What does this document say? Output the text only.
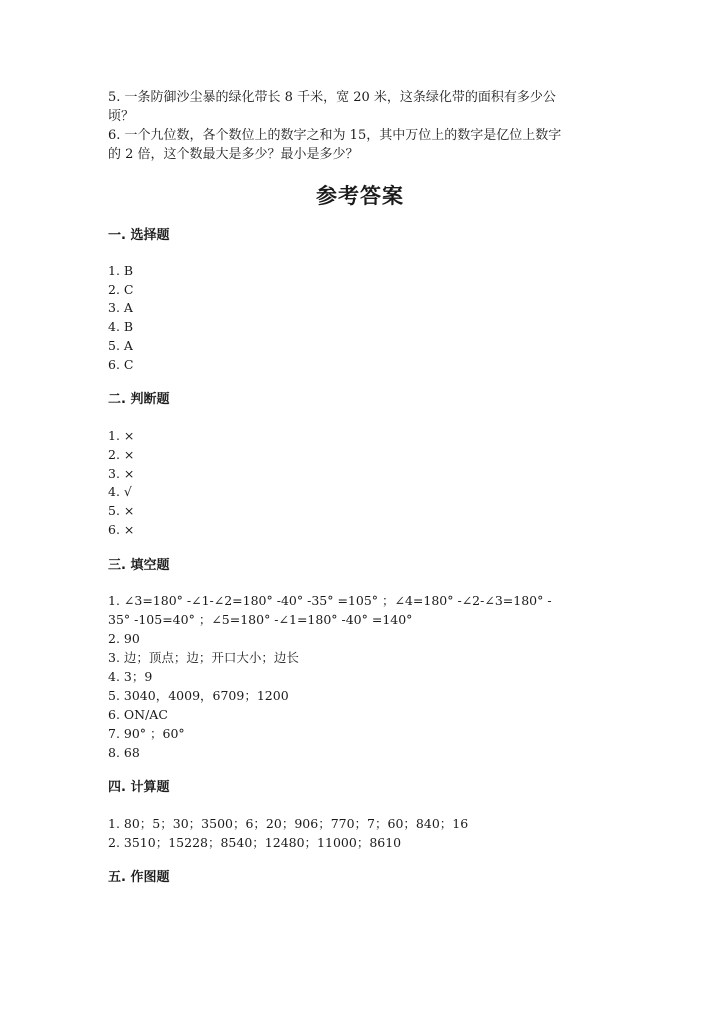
5. 一条防御沙尘暴的绿化带长 8 千米，宽 20 米，这条绿化带的面积有多少公
顷？
6. 一个九位数，各个数位上的数字之和为 15，其中万位上的数字是亿位上数字
的 2 倍，这个数最大是多少？最小是多少？
参考答案
一. 选择题
1. B
2. C
3. A
4. B
5. A
6. C
二. 判断题
1. ×
2. ×
3. ×
4. √
5. ×
6. ×
三. 填空题
1. ∠3=180° -∠1-∠2=180° -40° -35° =105° ；∠4=180° -∠2-∠3=180° -
35° -105=40° ；∠5=180° -∠1=180° -40° =140°
2. 90
3. 边；顶点；边；开口大小；边长
4. 3；9
5. 3040，4009，6709；1200
6. ON/AC
7. 90° ；60°
8. 68
四. 计算题
1. 80；5；30；3500；6；20；906；770；7；60；840；16
2. 3510；15228；8540；12480；11000；8610
五. 作图题
